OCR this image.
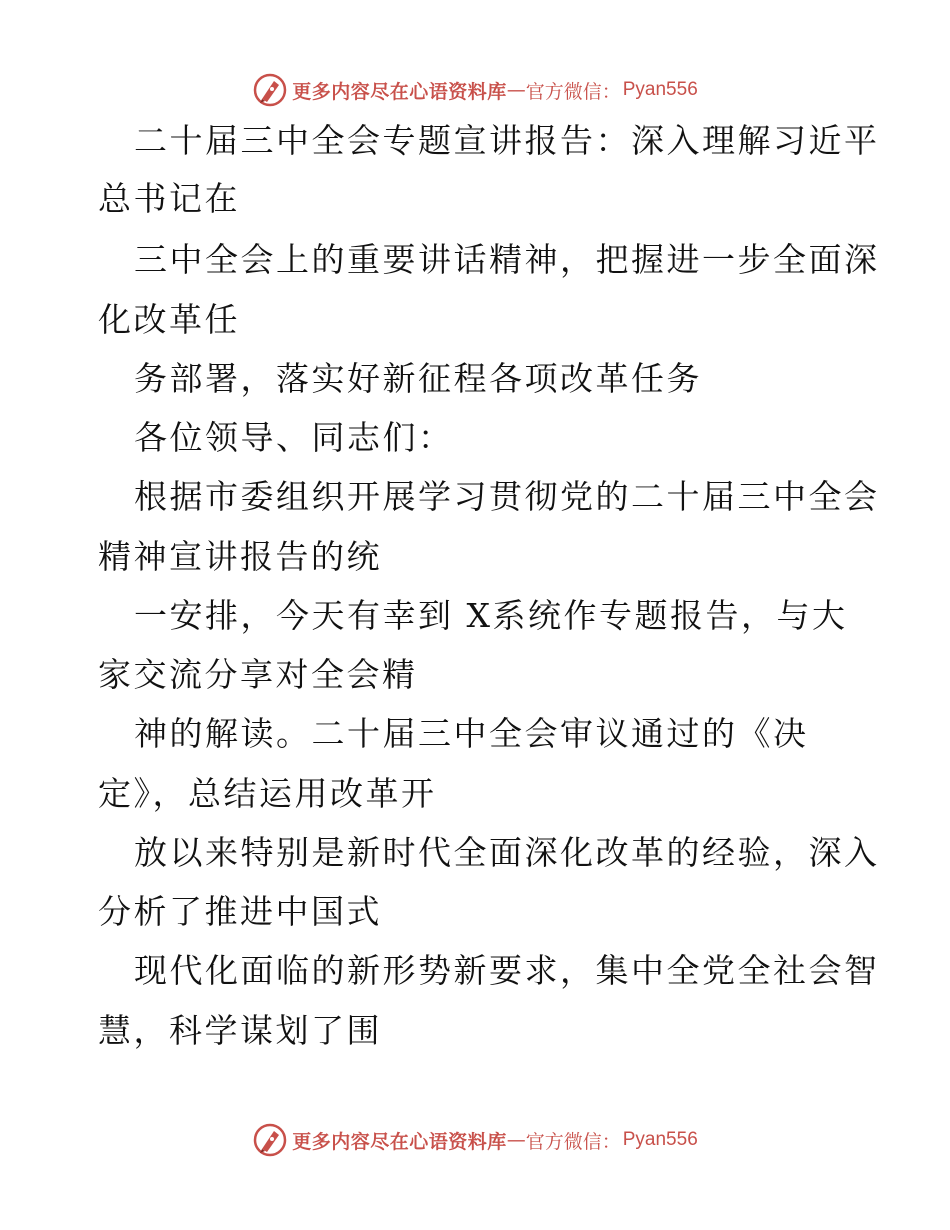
更多内容尽在心语资料库 — 官方微信： Pyan556
二十届三中全会专题宣讲报告：深入理解习近平
总书记在
三中全会上的重要讲话精神，把握进一步全面深
化改革任
务部署，落实好新征程各项改革任务
各位领导、同志们：
根据市委组织开展学习贯彻党的二十届三中全会
精神宣讲报告的统
一安排，今天有幸到 X系统作专题报告，与大
家交流分享对全会精
神的解读。二十届三中全会审议通过的《决
定》，总结运用改革开
放以来特别是新时代全面深化改革的经验，深入
分析了推进中国式
现代化面临的新形势新要求，集中全党全社会智
慧，科学谋划了围
更多内容尽在心语资料库 — 官方微信： Pyan556
